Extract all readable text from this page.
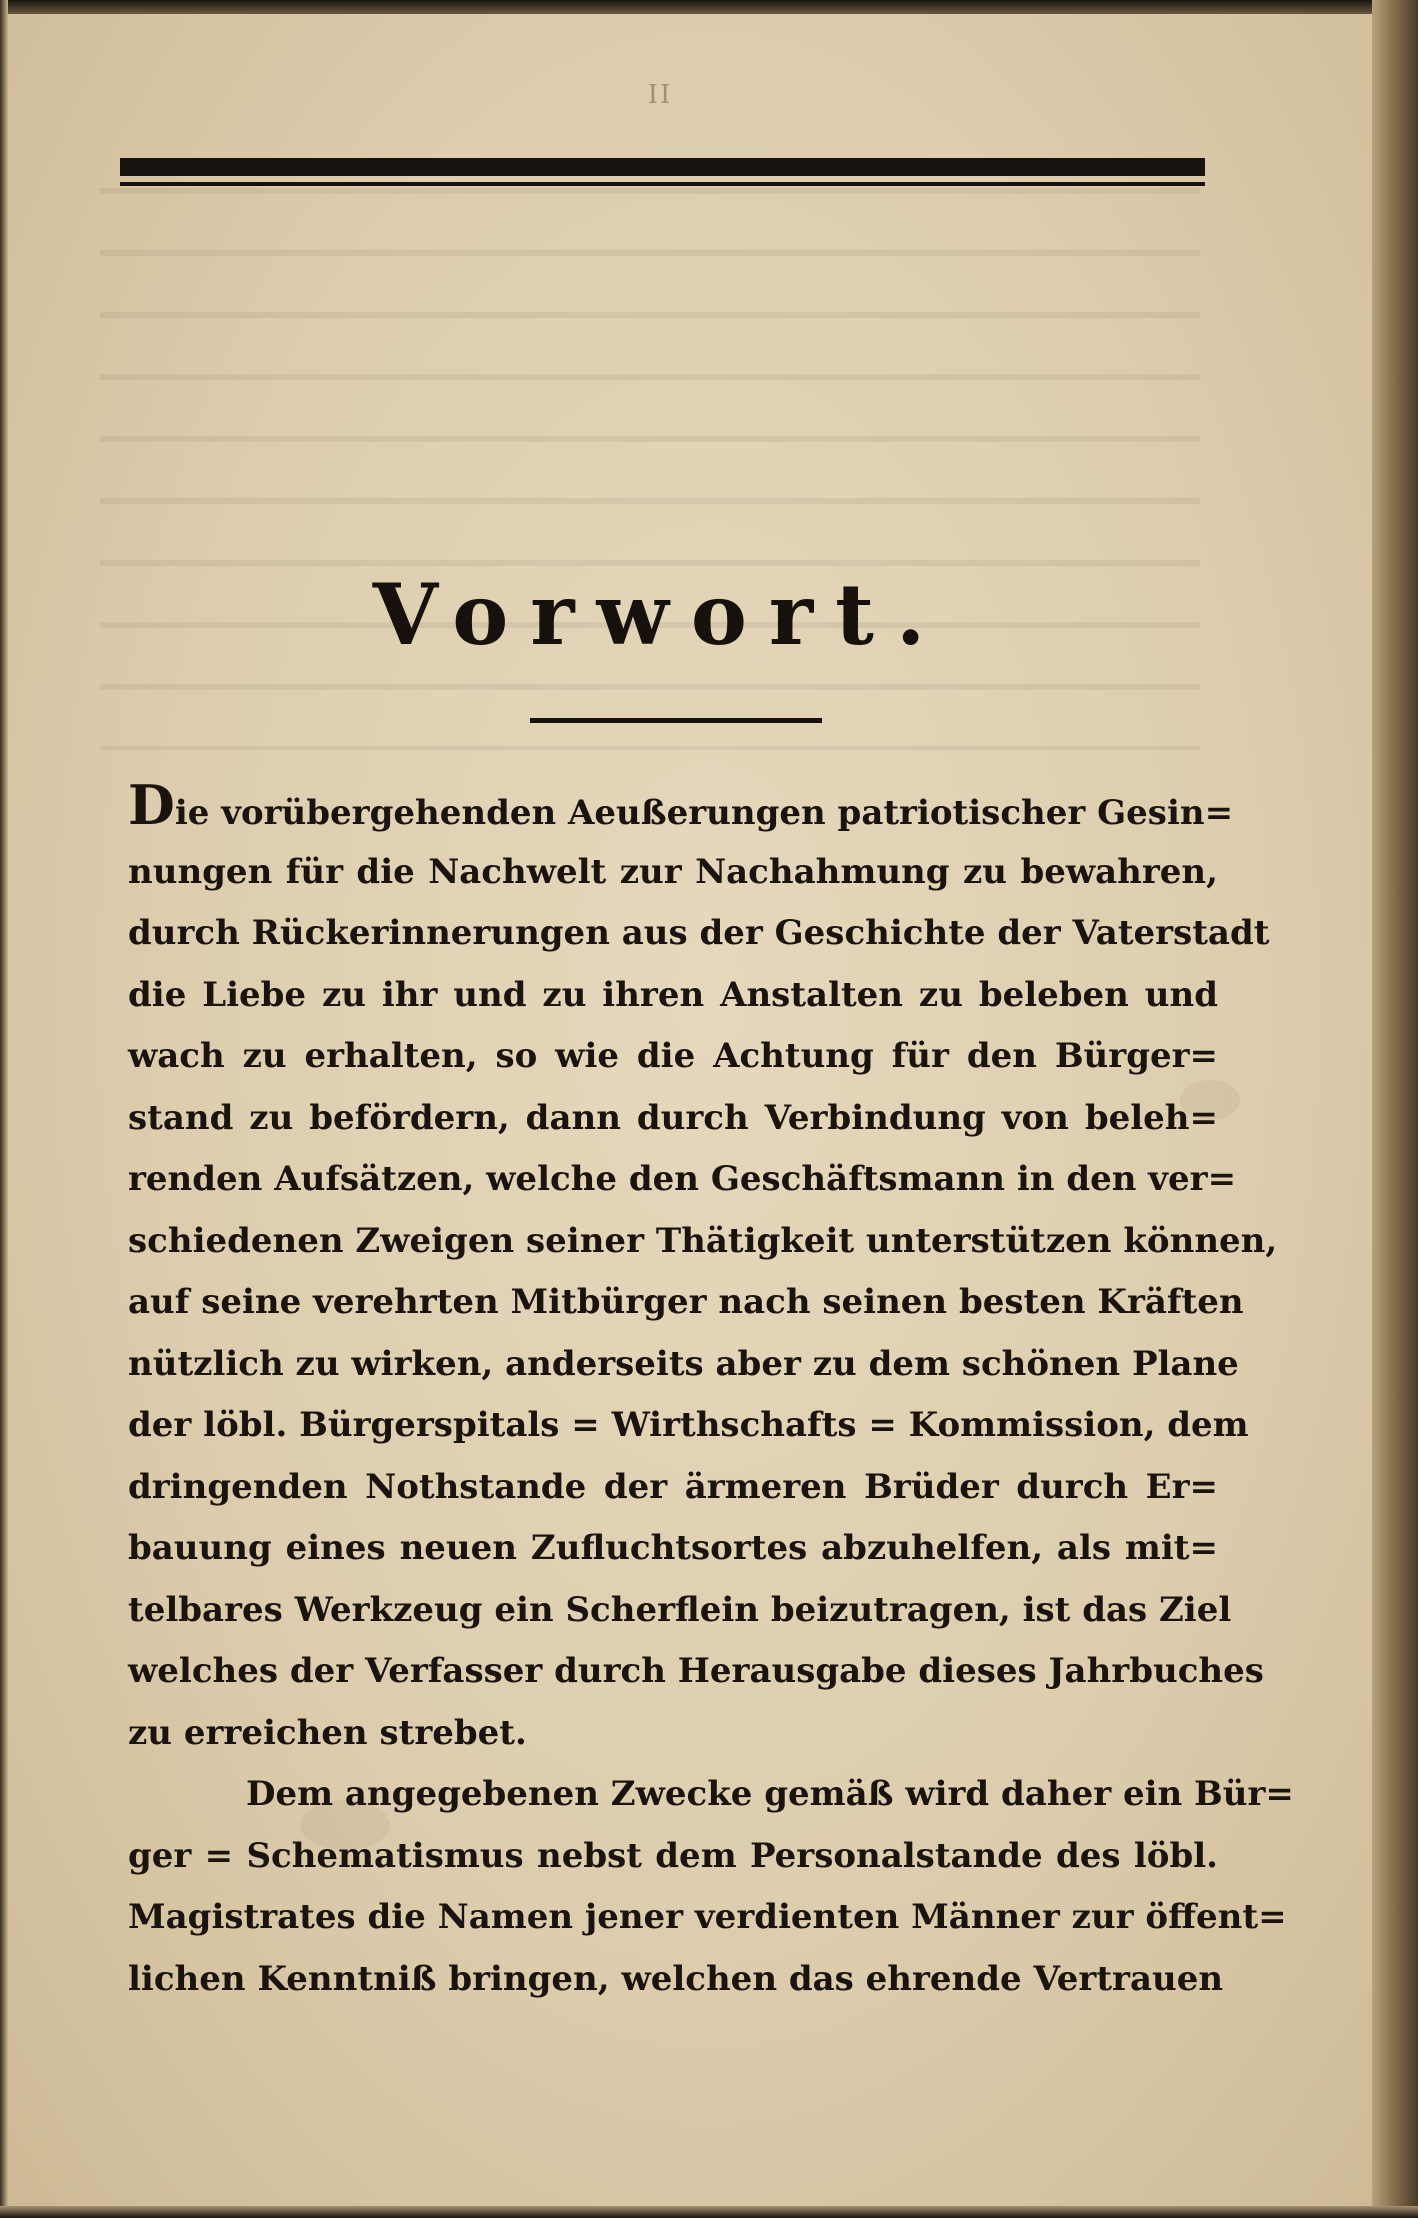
II
Vorwort.
Die vorübergehenden Aeußerungen patriotischer Gesin=
nungen für die Nachwelt zur Nachahmung zu bewahren,
durch Rückerinnerungen aus der Geschichte der Vaterstadt
die Liebe zu ihr und zu ihren Anstalten zu beleben und
wach zu erhalten, so wie die Achtung für den Bürger=
stand zu befördern, dann durch Verbindung von beleh=
renden Aufsätzen, welche den Geschäftsmann in den ver=
schiedenen Zweigen seiner Thätigkeit unterstützen können,
auf seine verehrten Mitbürger nach seinen besten Kräften
nützlich zu wirken, anderseits aber zu dem schönen Plane
der löbl. Bürgerspitals = Wirthschafts = Kommission, dem
dringenden Nothstande der ärmeren Brüder durch Er=
bauung eines neuen Zufluchtsortes abzuhelfen, als mit=
telbares Werkzeug ein Scherflein beizutragen, ist das Ziel
welches der Verfasser durch Herausgabe dieses Jahrbuches
zu erreichen strebet.
Dem angegebenen Zwecke gemäß wird daher ein Bür=
ger = Schematismus nebst dem Personalstande des löbl.
Magistrates die Namen jener verdienten Männer zur öffent=
lichen Kenntniß bringen, welchen das ehrende Vertrauen
